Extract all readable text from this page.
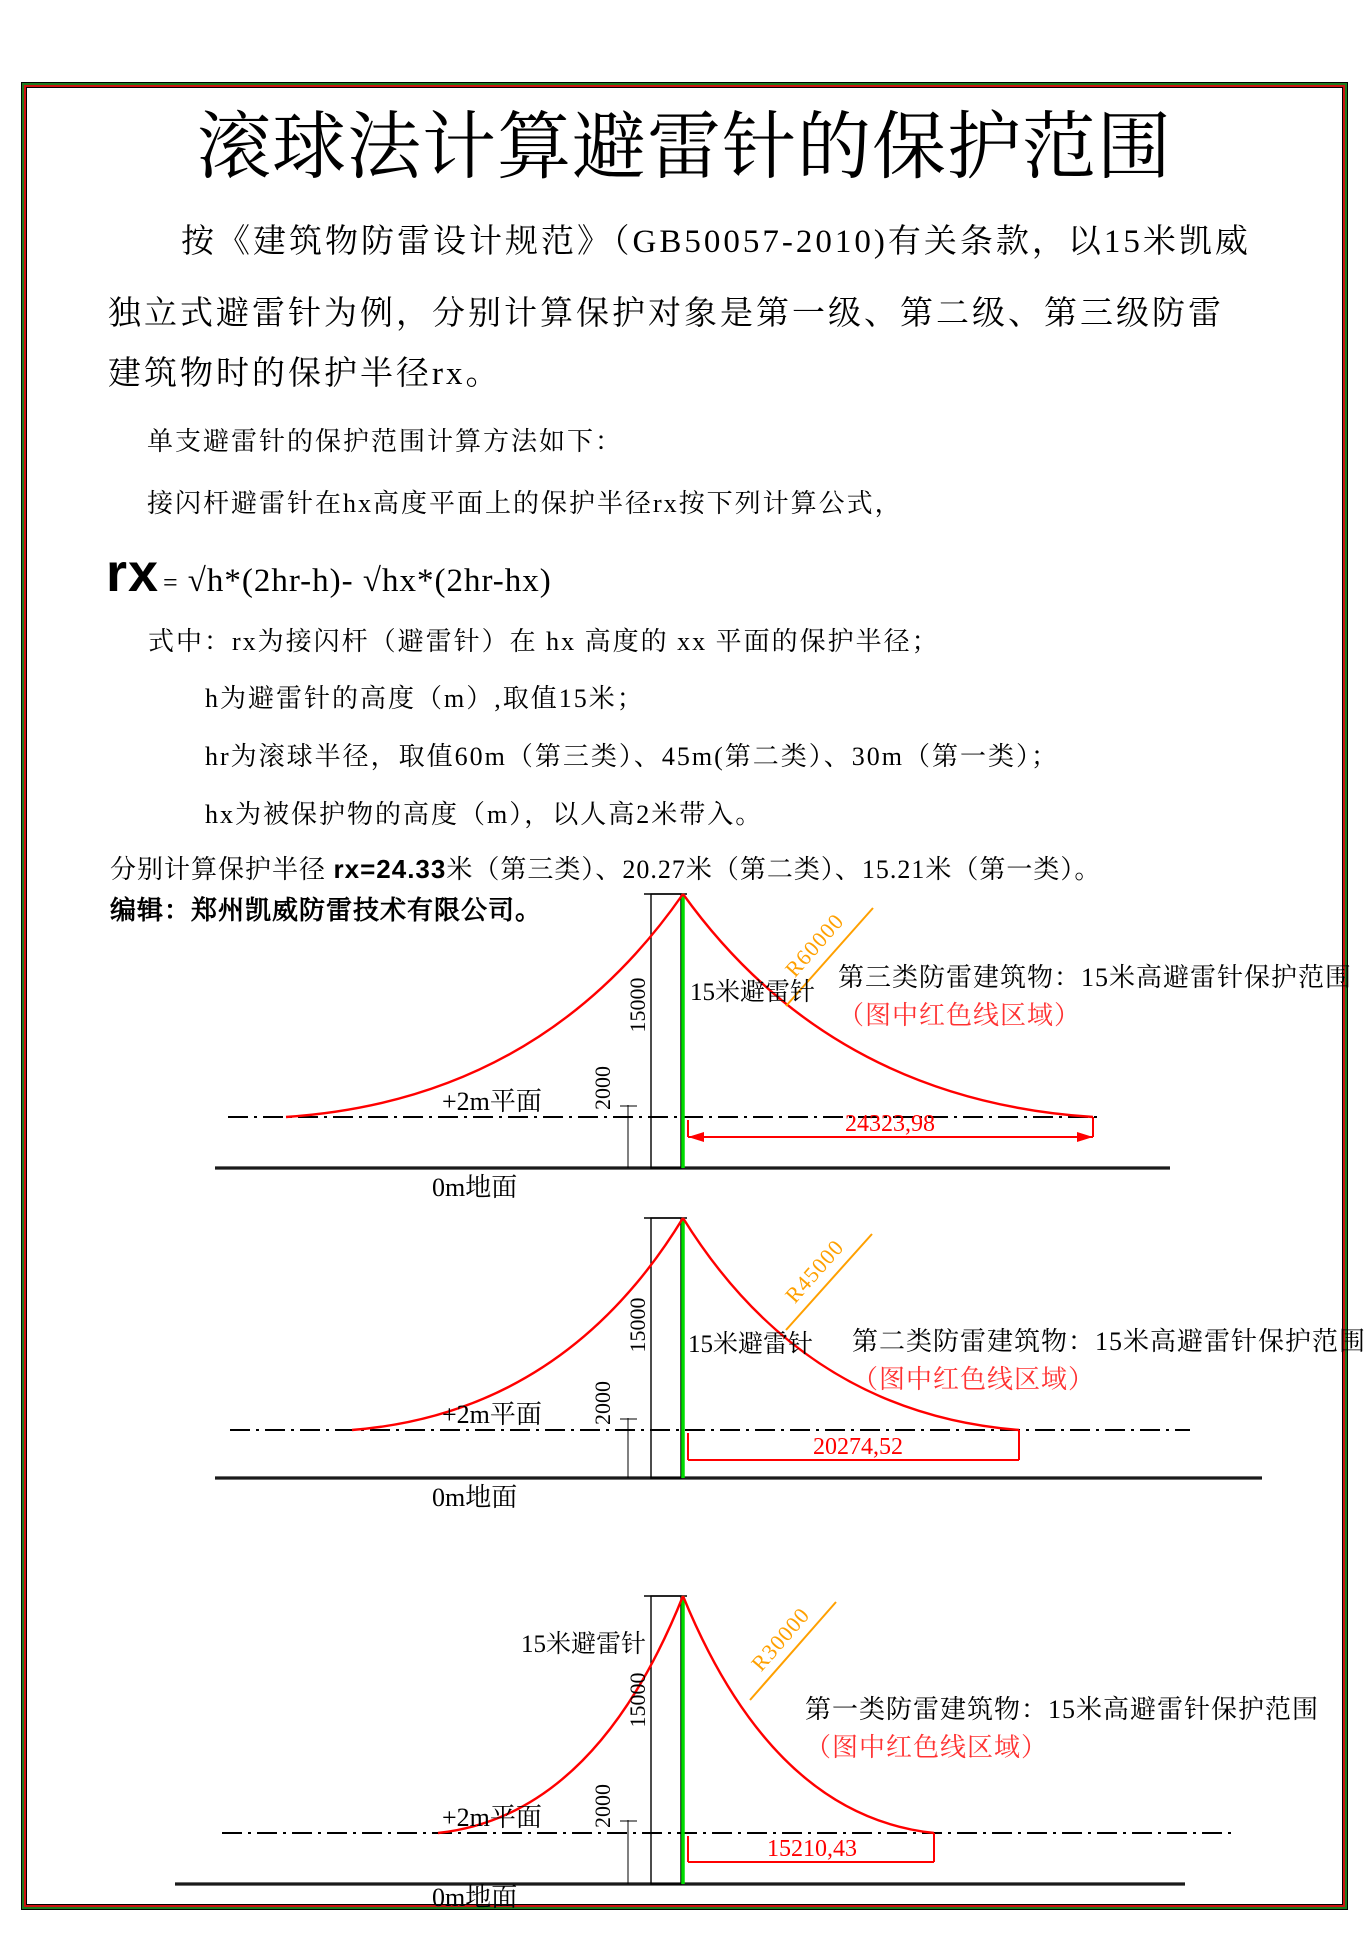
滚球法计算避雷针的保护范围
按《建筑物防雷设计规范》（GB50057-2010)有关条款，以15米凯威
独立式避雷针为例，分别计算保护对象是第一级、第二级、第三级防雷
建筑物时的保护半径rx。
单支避雷针的保护范围计算方法如下：
接闪杆避雷针在hx高度平面上的保护半径rx按下列计算公式，
rx = √h*(2hr-h)- √hx*(2hr-hx)
式中：rx为接闪杆（避雷针）在 hx 高度的 xx 平面的保护半径；
h为避雷针的高度（m）,取值15米；
hr为滚球半径，取值60m（第三类）、45m(第二类）、30m（第一类）；
hx为被保护物的高度（m），以人高2米带入。
分别计算保护半径 rx=24.33米（第三类）、20.27米（第二类）、15.21米（第一类）。
编辑：郑州凯威防雷技术有限公司。
24323,98
15000
2000
+2m平面
0m地面
15米避雷针
R60000
第三类防雷建筑物：15米高避雷针保护范围
（图中红色线区域）
20274,52
15000
2000
+2m平面
0m地面
15米避雷针
R45000
第二类防雷建筑物：15米高避雷针保护范围
（图中红色线区域）
15210,43
15000
2000
+2m平面
0m地面
15米避雷针	R30000
第一类防雷建筑物：15米高避雷针保护范围
（图中红色线区域）
